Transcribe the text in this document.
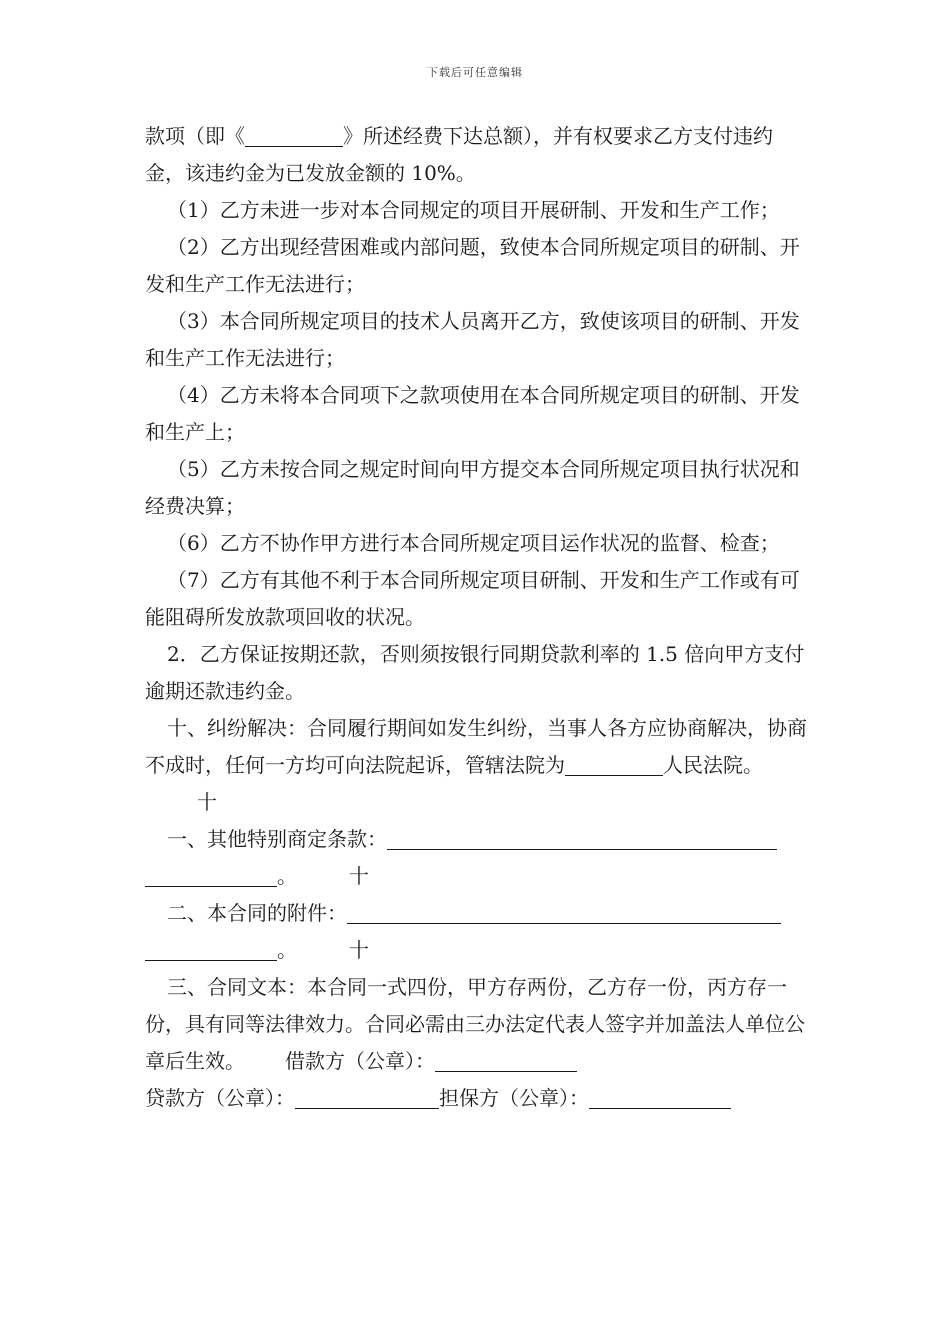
下载后可任意编辑

款项（即《	》所述经费下达总额），并有权要求乙方支付违约金，该违约金为已发放金额的 10%。

（1）乙方未进一步对本合同规定的项目开展研制、开发和生产工作；

（2）乙方出现经营困难或内部问题，致使本合同所规定项目的研制、开发和生产工作无法进行；

（3）本合同所规定项目的技术人员离开乙方，致使该项目的研制、开发和生产工作无法进行；

（4）乙方未将本合同项下之款项使用在本合同所规定项目的研制、开发和生产上；

（5）乙方未按合同之规定时间向甲方提交本合同所规定项目执行状况和经费决算；

（6）乙方不协作甲方进行本合同所规定项目运作状况的监督、检查；

（7）乙方有其他不利于本合同所规定项目研制、开发和生产工作或有可能阻碍所发放款项回收的状况。

2．乙方保证按期还款，否则须按银行同期贷款利率的 1.5 倍向甲方支付逾期还款违约金。

十、纠纷解决：合同履行期间如发生纠纷，当事人各方应协商解决，协商不成时，任何一方均可向法院起诉，管辖法院为	人民法院。十

一、其他特别商定条款：

。	十

二、本合同的附件：

。	十

三、合同文本：本合同一式四份，甲方存两份，乙方存一份，丙方存一份，具有同等法律效力。合同必需由三办法定代表人签字并加盖法人单位公章后生效。 借款方（公章）：

贷款方（公章）：	担保方（公章）：
